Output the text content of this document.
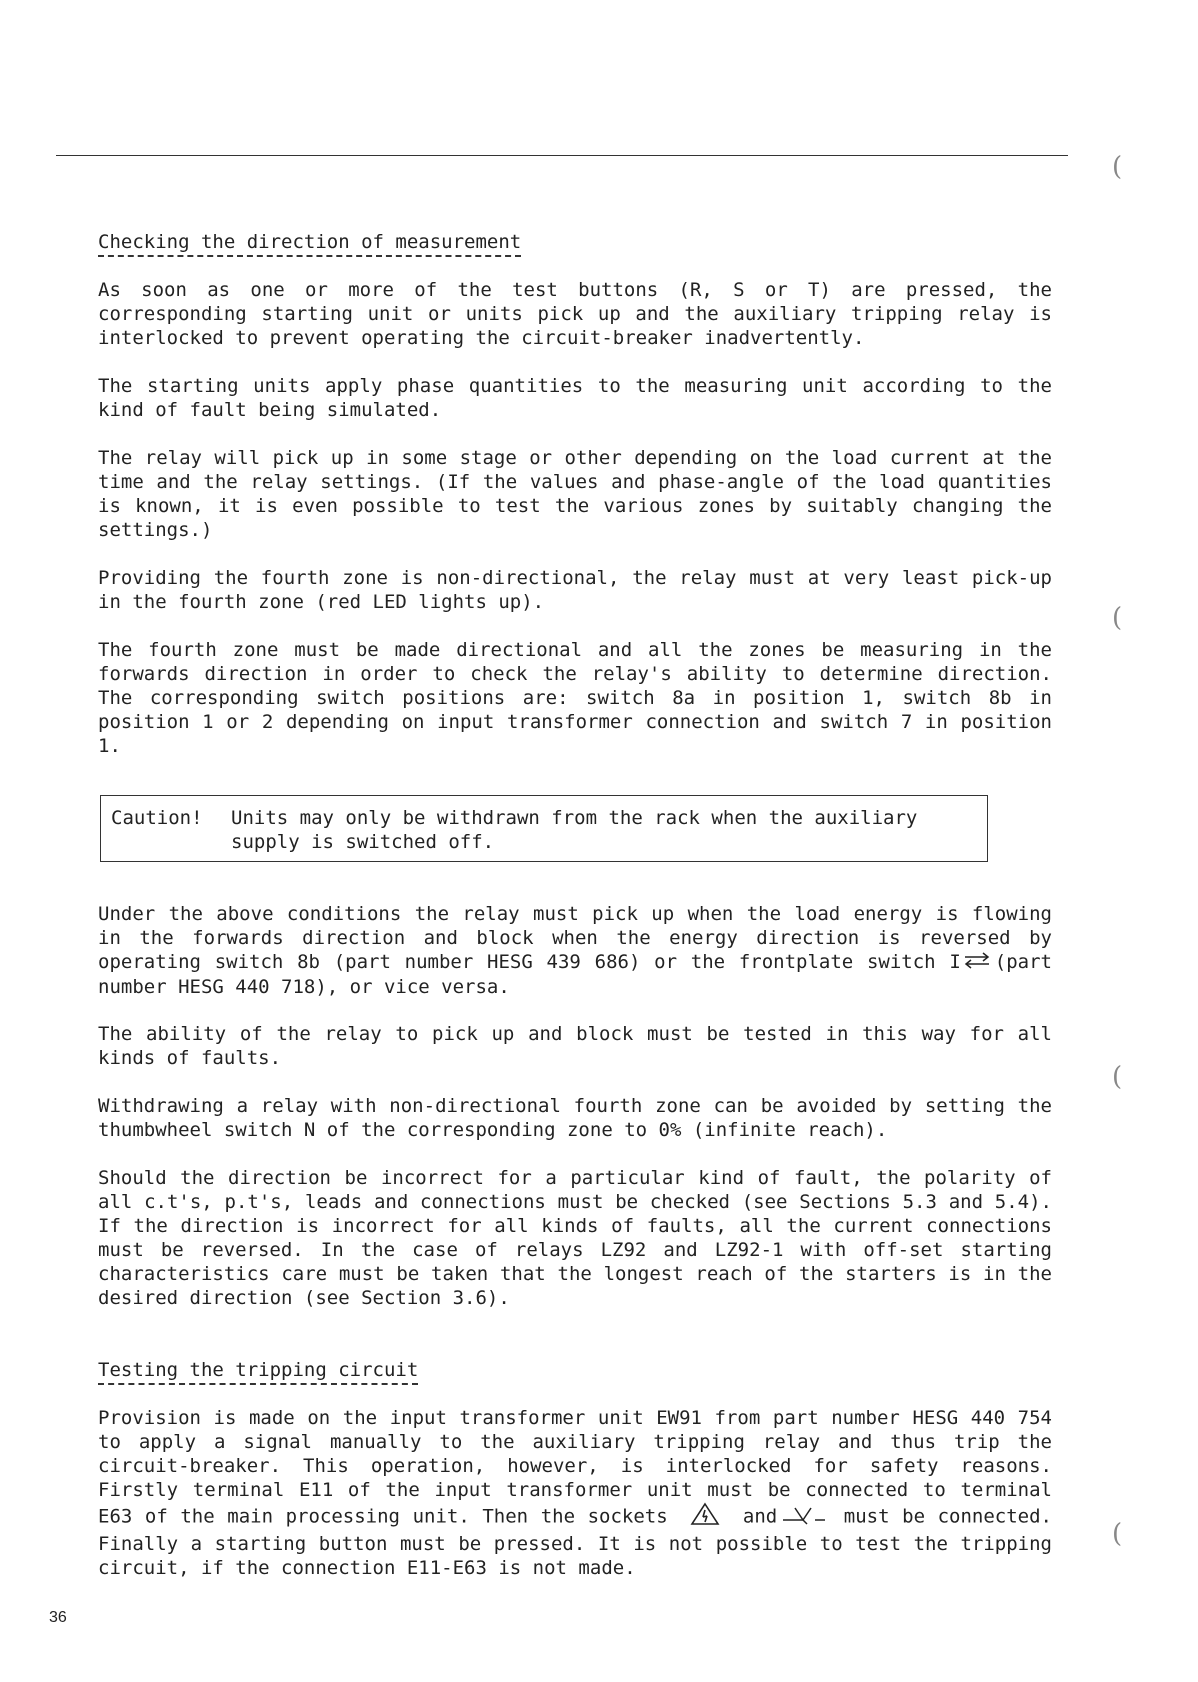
(
(
(
(
Checking the direction of measurement

As soon as one or more of the test buttons (R, S or T) are pressed, the corresponding starting unit or units pick up and the auxiliary tripping relay is interlocked to prevent operating the circuit-breaker inadvertently.

The starting units apply phase quantities to the measuring unit according to the kind of fault being simulated.

The relay will pick up in some stage or other depending on the load current at the time and the relay settings. (If the values and phase-angle of the load quantities is known, it is even possible to test the various zones by suitably changing the settings.)

Providing the fourth zone is non-directional, the relay must at very least pick-up in the fourth zone (red LED lights up).

The fourth zone must be made directional and all the zones be measuring in the forwards direction in order to check the relay's ability to determine direction. The corresponding switch positions are: switch 8a in position 1, switch 8b in position 1 or 2 depending on input transformer connection and switch 7 in position 1.

Caution! Units may only be withdrawn from the rack when the auxiliary supply is switched off.

Under the above conditions the relay must pick up when the load energy is flowing in the forwards direction and block when the energy direction is reversed by operating switch 8b (part number HESG 439 686) or the frontplate switch I (part number HESG 440 718), or vice versa.

The ability of the relay to pick up and block must be tested in this way for all kinds of faults.

Withdrawing a relay with non-directional fourth zone can be avoided by setting the thumbwheel switch N of the corresponding zone to 0% (infinite reach).

Should the direction be incorrect for a particular kind of fault, the polarity of all c.t's, p.t's, leads and connections must be checked (see Sections 5.3 and 5.4). If the direction is incorrect for all kinds of faults, all the current connections must be reversed. In the case of relays LZ92 and LZ92-1 with off-set starting characteristics care must be taken that the longest reach of the starters is in the desired direction (see Section 3.6).

Testing the tripping circuit

Provision is made on the input transformer unit EW91 from part number HESG 440 754 to apply a signal manually to the auxiliary tripping relay and thus trip the circuit-breaker. This operation, however, is interlocked for safety reasons. Firstly terminal E11 of the input transformer unit must be connected to terminal E63 of the main processing unit. Then the sockets	and	must be connected. Finally a starting button must be pressed. It is not possible to test the tripping circuit, if the connection E11-E63 is not made.

36
